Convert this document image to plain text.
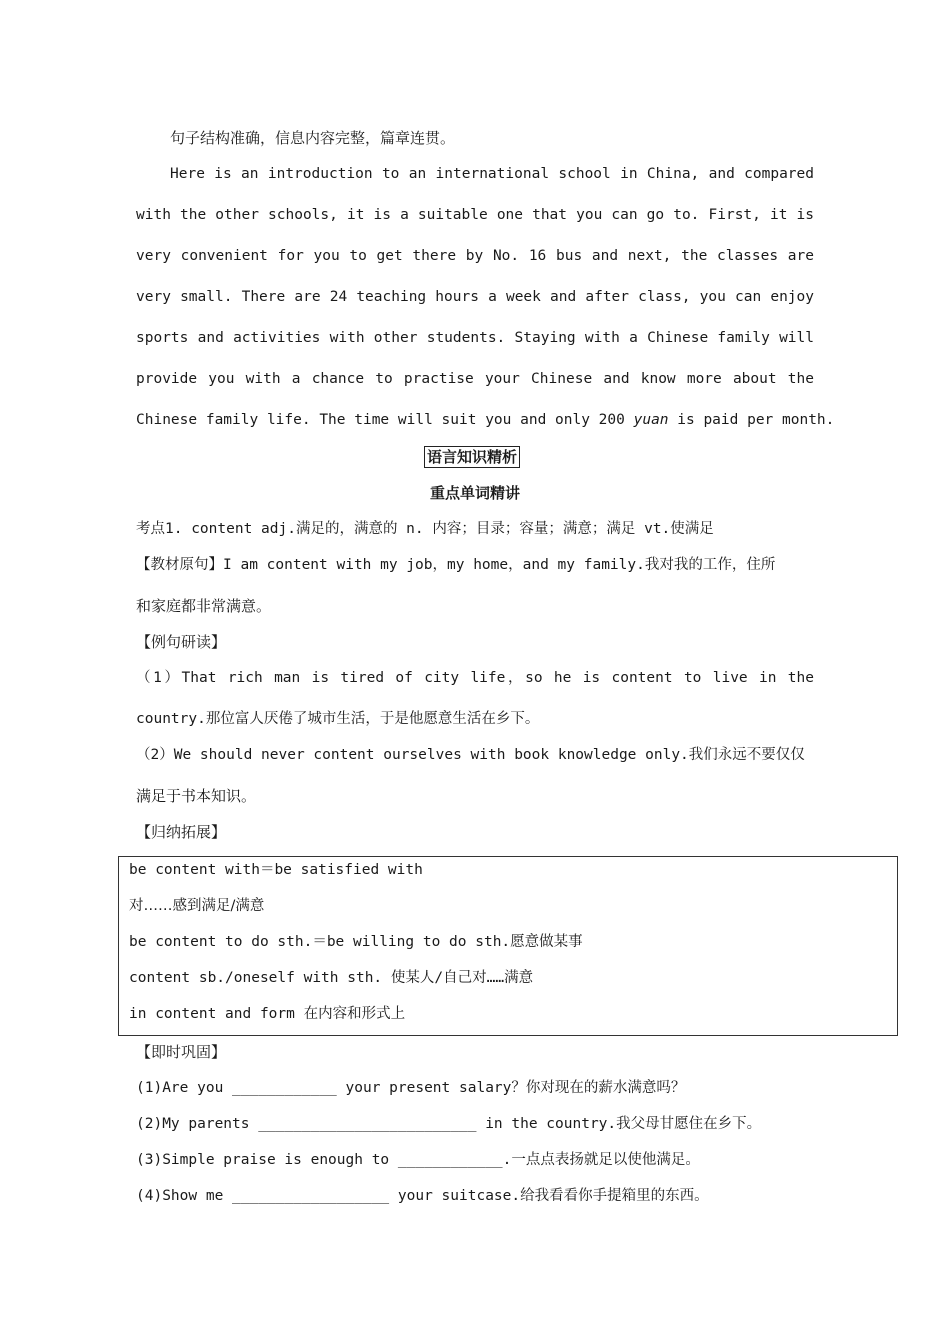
句子结构准确，信息内容完整，篇章连贯。
Here is an introduction to an international school in China, and compared
with the other schools, it is a suitable one that you can go to. First, it is
very convenient for you to get there by No. 16 bus and next, the classes are
very small. There are 24 teaching hours a week and after class, you can enjoy
sports and activities with other students. Staying with a Chinese family will
provide you with a chance to practise your Chinese and know more about the
Chinese family life. The time will suit you and only 200 yuan is paid per month.
语言知识精析
重点单词精讲
考点1. content adj.满足的，满意的 n. 内容；目录；容量；满意；满足 vt.使满足
【教材原句】I am content with my job，my home，and my family.我对我的工作，住所
和家庭都非常满意。
【例句研读】
（1）That rich man is tired of city life，so he is content to live in the
country.那位富人厌倦了城市生活，于是他愿意生活在乡下。
（2）We should never content ourselves with book knowledge only.我们永远不要仅仅
满足于书本知识。
【归纳拓展】
be content with＝be satisfied with
对……感到满足/满意
be content to do sth.＝be willing to do sth.愿意做某事
content sb./oneself with sth. 使某人/自己对……满意
in content and form 在内容和形式上
【即时巩固】
(1)Are you ____________ your present salary？你对现在的薪水满意吗？
(2)My parents _________________________ in the country.我父母甘愿住在乡下。
(3)Simple praise is enough to ____________.一点点表扬就足以使他满足。
(4)Show me __________________ your suitcase.给我看看你手提箱里的东西。
